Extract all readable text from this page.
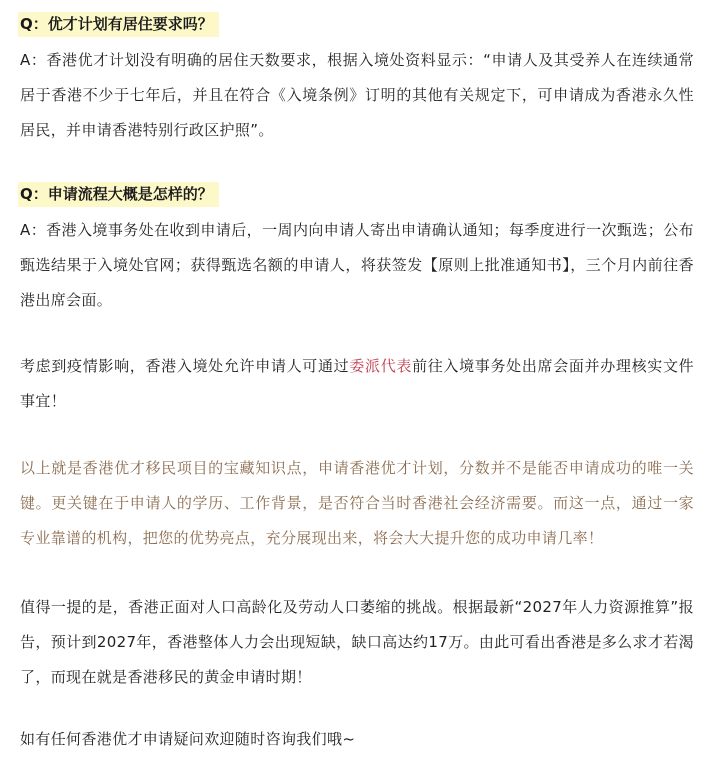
Q：优才计划有居住要求吗？

A：香港优才计划没有明确的居住天数要求，根据入境处资料显示：“申请人及其受养人在连续通常居于香港不少于七年后，并且在符合《入境条例》订明的其他有关规定下，可申请成为香港永久性居民，并申请香港特别行政区护照”。

Q：申请流程大概是怎样的？

A：香港入境事务处在收到申请后，一周内向申请人寄出申请确认通知；每季度进行一次甄选；公布甄选结果于入境处官网；获得甄选名额的申请人，将获签发【原则上批准通知书】，三个月内前往香港出席会面。

考虑到疫情影响，香港入境处允许申请人可通过委派代表前往入境事务处出席会面并办理核实文件事宜！

以上就是香港优才移民项目的宝藏知识点，申请香港优才计划，分数并不是能否申请成功的唯一关键。更关键在于申请人的学历、工作背景，是否符合当时香港社会经济需要。而这一点，通过一家专业靠谱的机构，把您的优势亮点，充分展现出来，将会大大提升您的成功申请几率！

值得一提的是，香港正面对人口高龄化及劳动人口萎缩的挑战。根据最新“2027年人力资源推算”报告，预计到2027年，香港整体人力会出现短缺，缺口高达约17万。由此可看出香港是多么求才若渴了，而现在就是香港移民的黄金申请时期！

如有任何香港优才申请疑问欢迎随时咨询我们哦~
